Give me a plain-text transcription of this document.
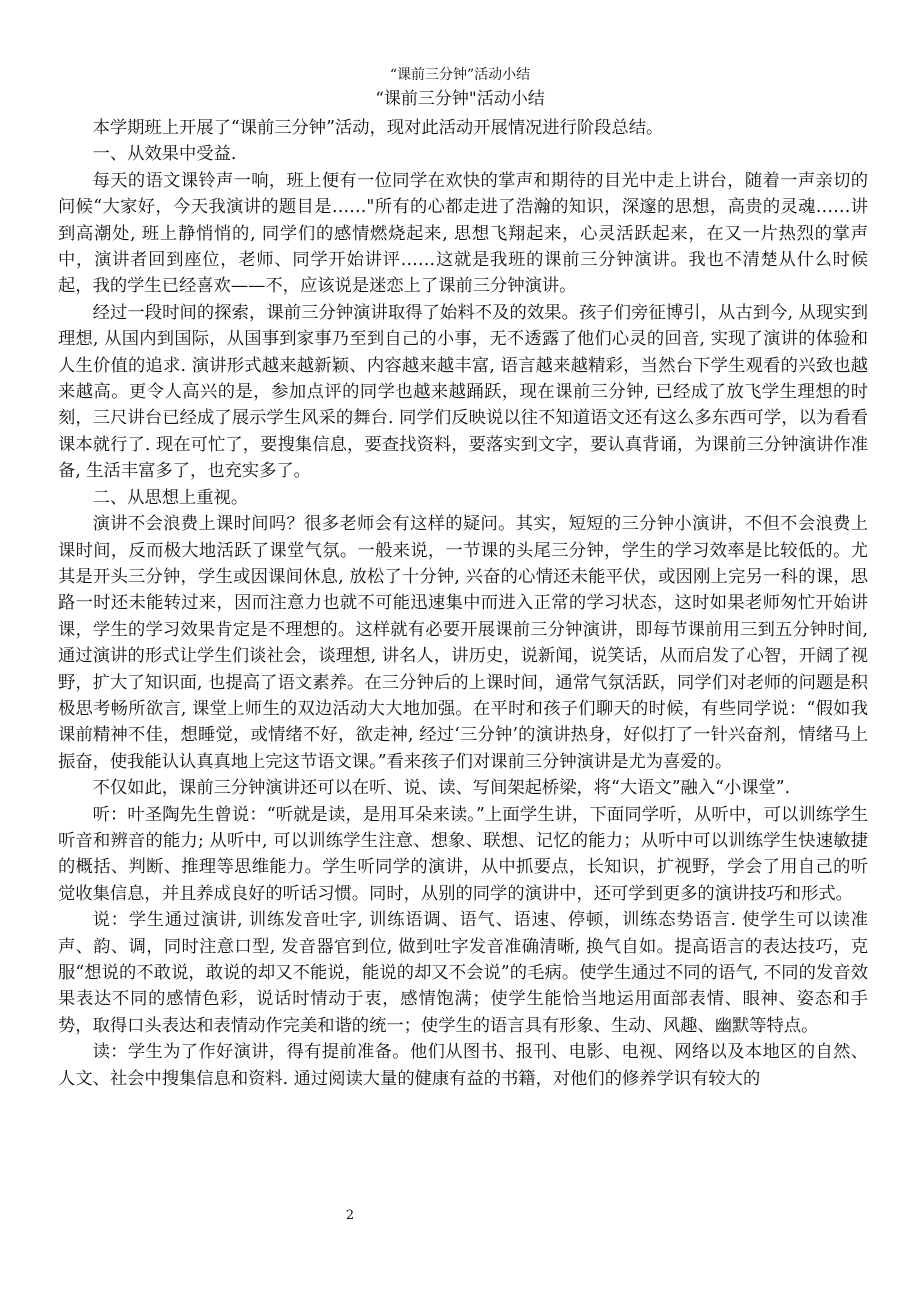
“课前三分钟”活动小结
“课前三分钟"活动小结

本学期班上开展了“课前三分钟”活动，现对此活动开展情况进行阶段总结。

一、从效果中受益.

每天的语文课铃声一响，班上便有一位同学在欢快的掌声和期待的目光中走上讲台，随着一声亲切的问候“大家好，今天我演讲的题目是……"所有的心都走进了浩瀚的知识，深邃的思想，高贵的灵魂……讲到高潮处, 班上静悄悄的, 同学们的感情燃烧起来, 思想飞翔起来，心灵活跃起来，在又一片热烈的掌声中，演讲者回到座位，老师、同学开始讲评……这就是我班的课前三分钟演讲。我也不清楚从什么时候起，我的学生已经喜欢——不，应该说是迷恋上了课前三分钟演讲。

经过一段时间的探索，课前三分钟演讲取得了始料不及的效果。孩子们旁征博引，从古到今, 从现实到理想, 从国内到国际，从国事到家事乃至到自己的小事，无不透露了他们心灵的回音, 实现了演讲的体验和人生价值的追求. 演讲形式越来越新颖、内容越来越丰富, 语言越来越精彩，当然台下学生观看的兴致也越来越高。更令人高兴的是，参加点评的同学也越来越踊跃，现在课前三分钟, 已经成了放飞学生理想的时刻，三尺讲台已经成了展示学生风采的舞台. 同学们反映说以往不知道语文还有这么多东西可学，以为看看课本就行了. 现在可忙了，要搜集信息，要查找资料，要落实到文字，要认真背诵，为课前三分钟演讲作准备, 生活丰富多了，也充实多了。

二、从思想上重视。

演讲不会浪费上课时间吗？很多老师会有这样的疑问。其实，短短的三分钟小演讲，不但不会浪费上课时间，反而极大地活跃了课堂气氛。一般来说，一节课的头尾三分钟，学生的学习效率是比较低的。尤其是开头三分钟，学生或因课间休息, 放松了十分钟, 兴奋的心情还未能平伏，或因刚上完另一科的课，思路一时还未能转过来，因而注意力也就不可能迅速集中而进入正常的学习状态，这时如果老师匆忙开始讲课，学生的学习效果肯定是不理想的。这样就有必要开展课前三分钟演讲，即每节课前用三到五分钟时间, 通过演讲的形式让学生们谈社会，谈理想, 讲名人，讲历史，说新闻，说笑话，从而启发了心智，开阔了视野，扩大了知识面, 也提高了语文素养。在三分钟后的上课时间，通常气氛活跃，同学们对老师的问题是积极思考畅所欲言, 课堂上师生的双边活动大大地加强。在平时和孩子们聊天的时候，有些同学说：“假如我课前精神不佳，想睡觉，或情绪不好，欲走神, 经过‘三分钟’的演讲热身，好似打了一针兴奋剂，情绪马上振奋，使我能认认真真地上完这节语文课。”看来孩子们对课前三分钟演讲是尤为喜爱的。

不仅如此，课前三分钟演讲还可以在听、说、读、写间架起桥梁，将“大语文”融入“小课堂”.

听：叶圣陶先生曾说：“听就是读，是用耳朵来读。”上面学生讲，下面同学听，从听中，可以训练学生听音和辨音的能力; 从听中, 可以训练学生注意、想象、联想、记忆的能力；从听中可以训练学生快速敏捷的概括、判断、推理等思维能力。学生听同学的演讲，从中抓要点，长知识，扩视野，学会了用自己的听觉收集信息，并且养成良好的听话习惯。同时，从别的同学的演讲中，还可学到更多的演讲技巧和形式。

说：学生通过演讲, 训练发音吐字, 训练语调、语气、语速、停顿，训练态势语言. 使学生可以读准声、韵、调，同时注意口型, 发音器官到位, 做到吐字发音准确清晰, 换气自如。提高语言的表达技巧，克服“想说的不敢说，敢说的却又不能说，能说的却又不会说”的毛病。使学生通过不同的语气, 不同的发音效果表达不同的感情色彩，说话时情动于衷，感情饱满；使学生能恰当地运用面部表情、眼神、姿态和手势，取得口头表达和表情动作完美和谐的统一；使学生的语言具有形象、生动、风趣、幽默等特点。

读：学生为了作好演讲，得有提前准备。他们从图书、报刊、电影、电视、网络以及本地区的自然、人文、社会中搜集信息和资料. 通过阅读大量的健康有益的书籍，对他们的修养学识有较大的

2
